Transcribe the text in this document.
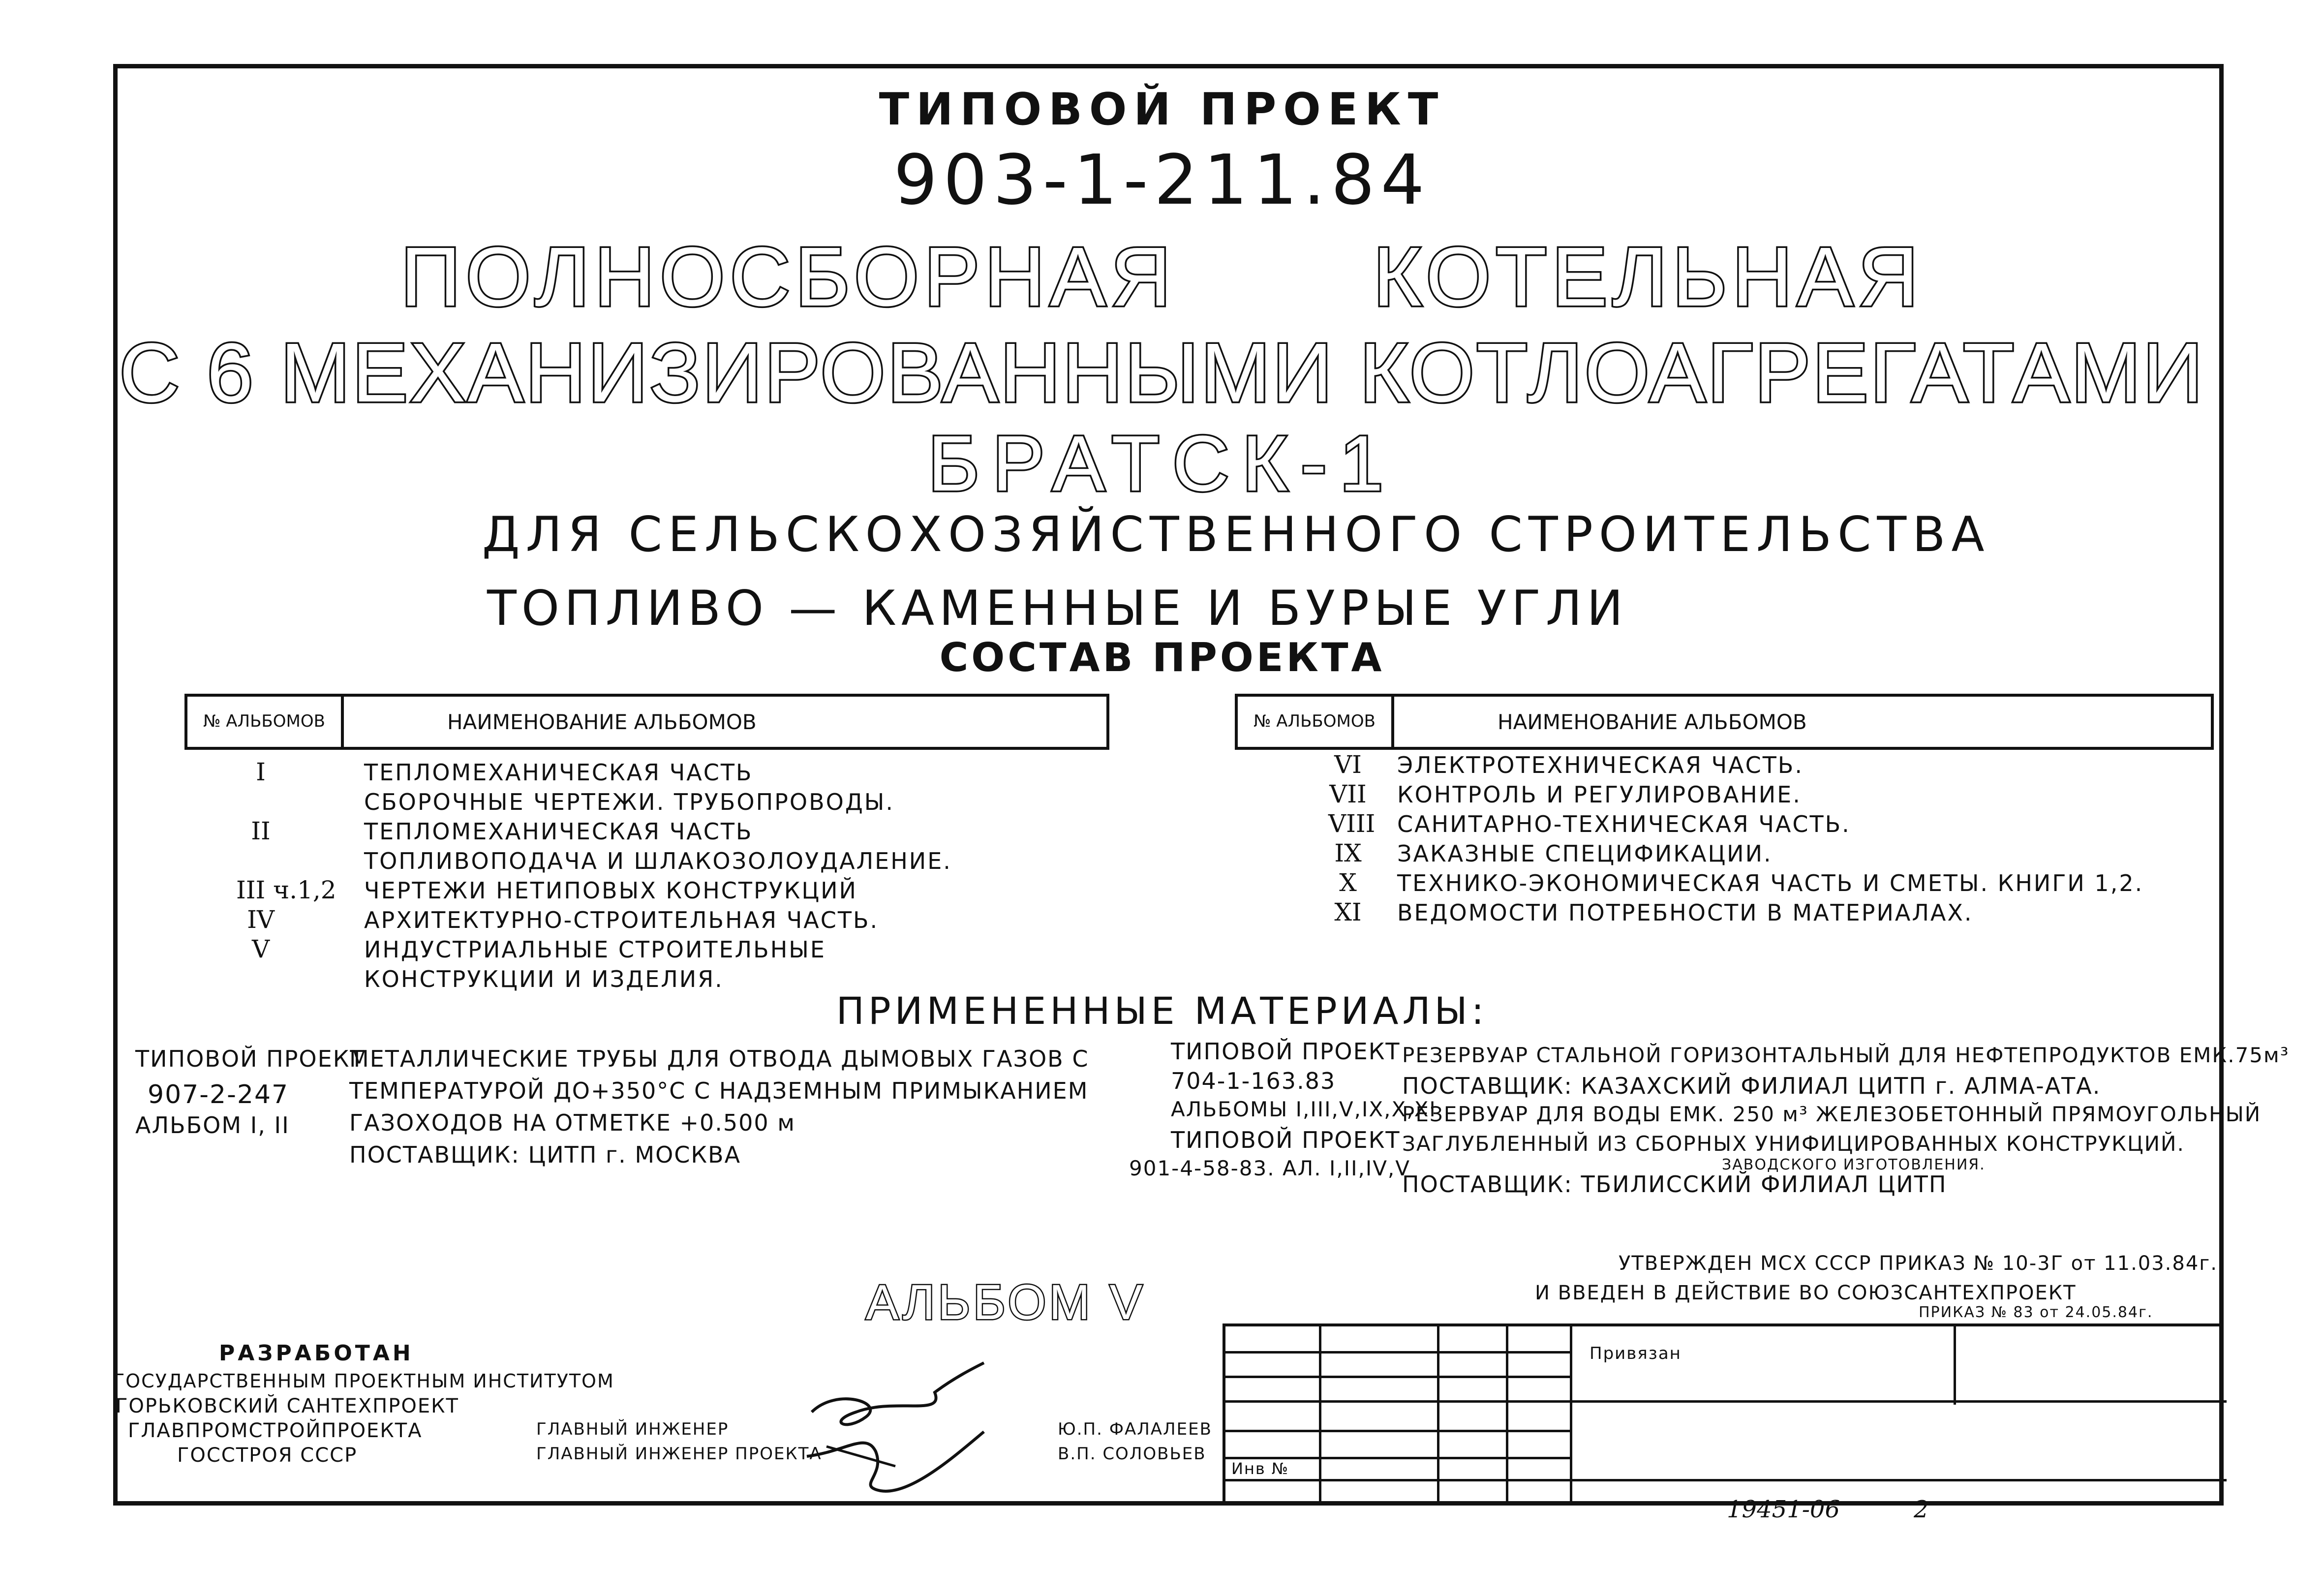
ТИПОВОЙ ПРОЕКТ
903-1-211.84
ПОЛНОСБОРНАЯ       КОТЕЛЬНАЯ
С 6 МЕХАНИЗИРОВАННЫМИ КОТЛОАГРЕГАТАМИ
БРАТСК-1
ДЛЯ СЕЛЬСКОХОЗЯЙСТВЕННОГО СТРОИТЕЛЬСТВА
ТОПЛИВО — КАМЕННЫЕ И БУРЫЕ УГЛИ
СОСТАВ ПРОЕКТА
№ АЛЬБОМОВ	НАИМЕНОВАНИЕ АЛЬБОМОВ
I	ТЕПЛОМЕХАНИЧЕСКАЯ ЧАСТЬ
СБОРОЧНЫЕ ЧЕРТЕЖИ. ТРУБОПРОВОДЫ.
II	ТЕПЛОМЕХАНИЧЕСКАЯ ЧАСТЬ
ТОПЛИВОПОДАЧА И ШЛАКОЗОЛОУДАЛЕНИЕ.
III ч.1,2	ЧЕРТЕЖИ НЕТИПОВЫХ КОНСТРУКЦИЙ
IV	АРХИТЕКТУРНО-СТРОИТЕЛЬНАЯ ЧАСТЬ.
V	ИНДУСТРИАЛЬНЫЕ СТРОИТЕЛЬНЫЕ
КОНСТРУКЦИИ И ИЗДЕЛИЯ.
№ АЛЬБОМОВ	НАИМЕНОВАНИЕ АЛЬБОМОВ
VI ЭЛЕКТРОТЕХНИЧЕСКАЯ ЧАСТЬ.
VII КОНТРОЛЬ И РЕГУЛИРОВАНИЕ.
VIII САНИТАРНО-ТЕХНИЧЕСКАЯ ЧАСТЬ.
IX ЗАКАЗНЫЕ СПЕЦИФИКАЦИИ.
X	ТЕХНИКО-ЭКОНОМИЧЕСКАЯ ЧАСТЬ И СМЕТЫ. КНИГИ 1,2.
XI ВЕДОМОСТИ ПОТРЕБНОСТИ В МАТЕРИАЛАХ.
ПРИМЕНЕННЫЕ МАТЕРИАЛЫ:
ТИПОВОЙ ПРОЕКТ
907-2-247
АЛЬБОМ I, II
МЕТАЛЛИЧЕСКИЕ ТРУБЫ ДЛЯ ОТВОДА ДЫМОВЫХ ГАЗОВ С
ТЕМПЕРАТУРОЙ ДО+350°С С НАДЗЕМНЫМ ПРИМЫКАНИЕМ
ГАЗОХОДОВ НА ОТМЕТКЕ +0.500 м
ПОСТАВЩИК: ЦИТП г. МОСКВА
ТИПОВОЙ ПРОЕКТ
704-1-163.83
АЛЬБОМЫ I,III,V,IX,X,XI
ТИПОВОЙ ПРОЕКТ
901-4-58-83. АЛ. I,II,IV,V
РЕЗЕРВУАР СТАЛЬНОЙ ГОРИЗОНТАЛЬНЫЙ ДЛЯ НЕФТЕПРОДУКТОВ ЕМК.75м³
ПОСТАВЩИК: КАЗАХСКИЙ ФИЛИАЛ ЦИТП г. АЛМА-АТА.
РЕЗЕРВУАР ДЛЯ ВОДЫ ЕМК. 250 м³ ЖЕЛЕЗОБЕТОННЫЙ ПРЯМОУГОЛЬНЫЙ
ЗАГЛУБЛЕННЫЙ ИЗ СБОРНЫХ УНИФИЦИРОВАННЫХ КОНСТРУКЦИЙ.
ЗАВОДСКОГО ИЗГОТОВЛЕНИЯ.
ПОСТАВЩИК: ТБИЛИССКИЙ ФИЛИАЛ ЦИТП
УТВЕРЖДЕН МСХ СССР ПРИКАЗ № 10-3Г от 11.03.84г.
И ВВЕДЕН В ДЕЙСТВИЕ ВО СОЮЗСАНТЕХПРОЕКТ
ПРИКАЗ № 83 от 24.05.84г.
АЛЬБОМ V
РАЗРАБОТАН
ГОСУДАРСТВЕННЫМ ПРОЕКТНЫМ ИНСТИТУТОМ
ГОРЬКОВСКИЙ САНТЕХПРОЕКТ
ГЛАВПРОМСТРОЙПРОЕКТА
ГОССТРОЯ СССР
ГЛАВНЫЙ ИНЖЕНЕР
ГЛАВНЫЙ ИНЖЕНЕР ПРОЕКТА
Ю.П. ФАЛАЛЕЕВ
В.П. СОЛОВЬЕВ
Привязан
Инв №
19451-06	2
